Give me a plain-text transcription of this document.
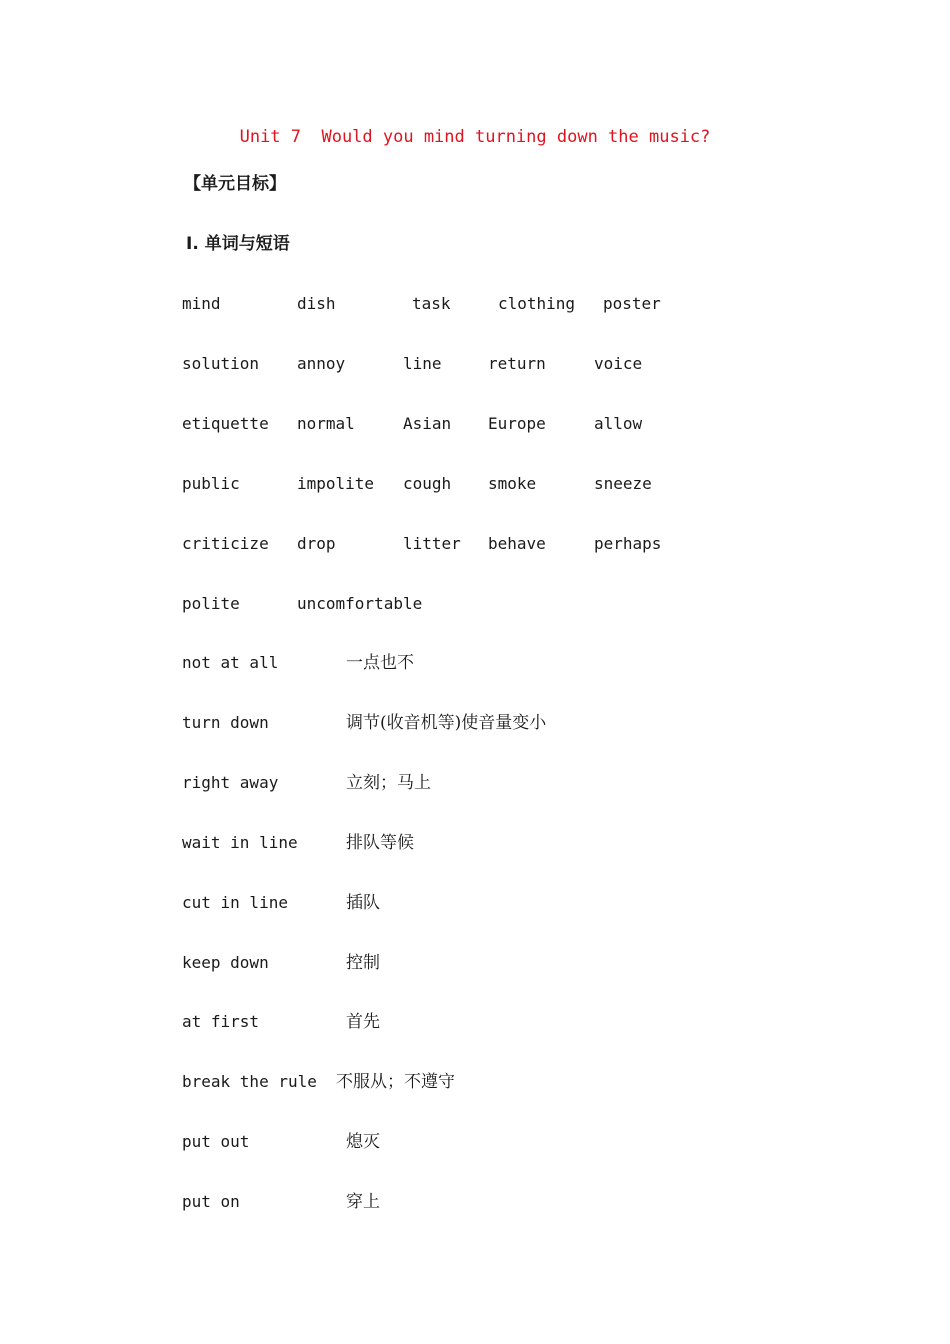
Unit 7  Would you mind turning down the music?
【单元目标】
Ⅰ. 单词与短语
mind	dish	task	clothing poster
solution annoy	line	return	voice
etiquette normal	Asian Europe	allow
public	impolite cough smoke	sneeze
criticize drop	litter behave	perhaps
polite	uncomfortable
not at all	一点也不
turn down	调节(收音机等)使音量变小
right away	立刻；马上
wait in line	排队等候
cut in line	插队
keep down	控制
at first	首先
break the rule 不服从；不遵守
put out	熄灭
put on	穿上
